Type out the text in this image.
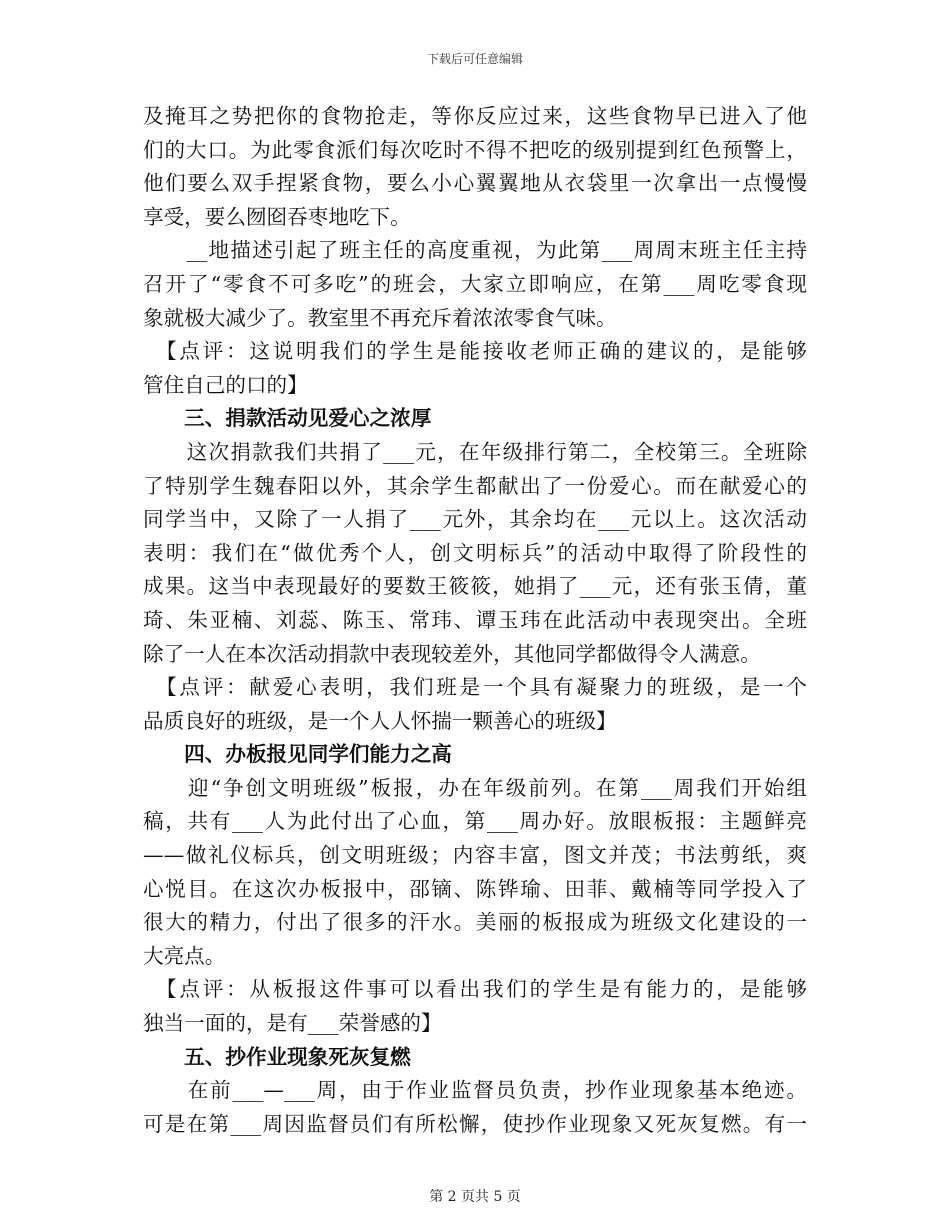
下载后可任意编辑
及掩耳之势把你的食物抢走，等你反应过来，这些食物早已进入了他
们的大口。为此零食派们每次吃时不得不把吃的级别提到红色预警上，
他们要么双手捏紧食物，要么小心翼翼地从衣袋里一次拿出一点慢慢
享受，要么囫囵吞枣地吃下。
　　__地描述引起了班主任的高度重视，为此第___周周末班主任主持
召开了“零食不可多吃”的班会，大家立即响应，在第___周吃零食现
象就极大减少了。教室里不再充斥着浓浓零食气味。
　【点评：这说明我们的学生是能接收老师正确的建议的，是能够
管住自己的口的】
　　三、捐款活动见爱心之浓厚
　　这次捐款我们共捐了___元，在年级排行第二，全校第三。全班除
了特别学生魏春阳以外，其余学生都献出了一份爱心。而在献爱心的
同学当中，又除了一人捐了___元外，其余均在___元以上。这次活动
表明：我们在“做优秀个人，创文明标兵”的活动中取得了阶段性的
成果。这当中表现最好的要数王筱筱，她捐了___元，还有张玉倩，董
琦、朱亚楠、刘蕊、陈玉、常玮、谭玉玮在此活动中表现突出。全班
除了一人在本次活动捐款中表现较差外，其他同学都做得令人满意。
　【点评：献爱心表明，我们班是一个具有凝聚力的班级，是一个
品质良好的班级，是一个人人怀揣一颗善心的班级】
　　四、办板报见同学们能力之高
　　迎“争创文明班级”板报，办在年级前列。在第___周我们开始组
稿，共有___人为此付出了心血，第___周办好。放眼板报：主题鲜亮
——做礼仪标兵，创文明班级；内容丰富，图文并茂；书法剪纸，爽
心悦目。在这次办板报中，邵镝、陈铧瑜、田菲、戴楠等同学投入了
很大的精力，付出了很多的汗水。美丽的板报成为班级文化建设的一
大亮点。
　【点评：从板报这件事可以看出我们的学生是有能力的，是能够
独当一面的，是有___荣誉感的】
　　五、抄作业现象死灰复燃
　　在前___—___周，由于作业监督员负责，抄作业现象基本绝迹。
可是在第___周因监督员们有所松懈，使抄作业现象又死灰复燃。有一
第 2 页共 5 页
